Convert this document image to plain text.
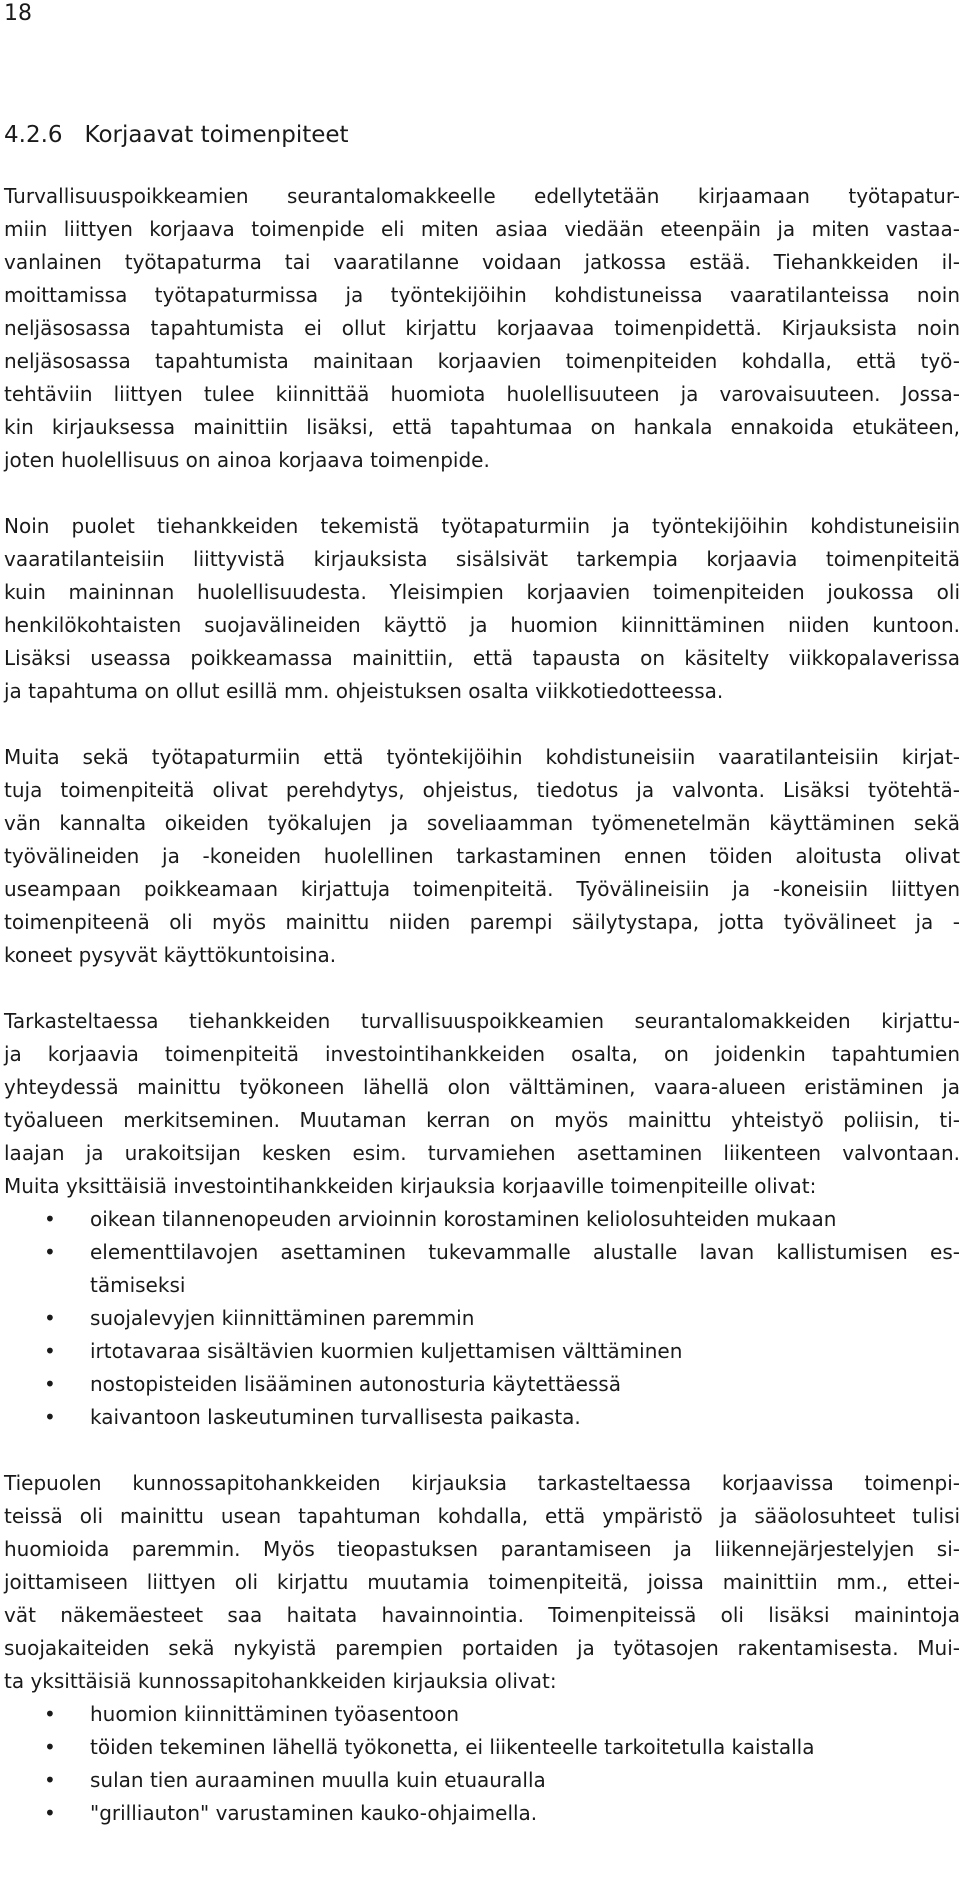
18
4.2.6 Korjaavat toimenpiteet

Turvallisuuspoikkeamien seurantalomakkeelle edellytetään kirjaamaan työtapatur-
miin liittyen korjaava toimenpide eli miten asiaa viedään eteenpäin ja miten vastaa-
vanlainen työtapaturma tai vaaratilanne voidaan jatkossa estää. Tiehankkeiden il-
moittamissa työtapaturmissa ja työntekijöihin kohdistuneissa vaaratilanteissa noin
neljäsosassa tapahtumista ei ollut kirjattu korjaavaa toimenpidettä. Kirjauksista noin
neljäsosassa tapahtumista mainitaan korjaavien toimenpiteiden kohdalla, että työ-
tehtäviin liittyen tulee kiinnittää huomiota huolellisuuteen ja varovaisuuteen. Jossa-
kin kirjauksessa mainittiin lisäksi, että tapahtumaa on hankala ennakoida etukäteen,
joten huolellisuus on ainoa korjaava toimenpide.

Noin puolet tiehankkeiden tekemistä työtapaturmiin ja työntekijöihin kohdistuneisiin
vaaratilanteisiin liittyvistä kirjauksista sisälsivät tarkempia korjaavia toimenpiteitä
kuin maininnan huolellisuudesta. Yleisimpien korjaavien toimenpiteiden joukossa oli
henkilökohtaisten suojavälineiden käyttö ja huomion kiinnittäminen niiden kuntoon.
Lisäksi useassa poikkeamassa mainittiin, että tapausta on käsitelty viikkopalaverissa
ja tapahtuma on ollut esillä mm. ohjeistuksen osalta viikkotiedotteessa.

Muita sekä työtapaturmiin että työntekijöihin kohdistuneisiin vaaratilanteisiin kirjat-
tuja toimenpiteitä olivat perehdytys, ohjeistus, tiedotus ja valvonta. Lisäksi työtehtä-
vän kannalta oikeiden työkalujen ja soveliaamman työmenetelmän käyttäminen sekä
työvälineiden ja -koneiden huolellinen tarkastaminen ennen töiden aloitusta olivat
useampaan poikkeamaan kirjattuja toimenpiteitä. Työvälineisiin ja -koneisiin liittyen
toimenpiteenä oli myös mainittu niiden parempi säilytystapa, jotta työvälineet ja -
koneet pysyvät käyttökuntoisina.

Tarkasteltaessa tiehankkeiden turvallisuuspoikkeamien seurantalomakkeiden kirjattu-
ja korjaavia toimenpiteitä investointihankkeiden osalta, on joidenkin tapahtumien
yhteydessä mainittu työkoneen lähellä olon välttäminen, vaara-alueen eristäminen ja
työalueen merkitseminen. Muutaman kerran on myös mainittu yhteistyö poliisin, ti-
laajan ja urakoitsijan kesken esim. turvamiehen asettaminen liikenteen valvontaan.
Muita yksittäisiä investointihankkeiden kirjauksia korjaaville toimenpiteille olivat:

• oikean tilannenopeuden arvioinnin korostaminen keliolosuhteiden mukaan
• elementtilavojen asettaminen tukevammalle alustalle lavan kallistumisen es-
tämiseksi
• suojalevyjen kiinnittäminen paremmin
• irtotavaraa sisältävien kuormien kuljettamisen välttäminen
• nostopisteiden lisääminen autonosturia käytettäessä
• kaivantoon laskeutuminen turvallisesta paikasta.

Tiepuolen kunnossapitohankkeiden kirjauksia tarkasteltaessa korjaavissa toimenpi-
teissä oli mainittu usean tapahtuman kohdalla, että ympäristö ja sääolosuhteet tulisi
huomioida paremmin. Myös tieopastuksen parantamiseen ja liikennejärjestelyjen si-
joittamiseen liittyen oli kirjattu muutamia toimenpiteitä, joissa mainittiin mm., ettei-
vät näkemäesteet saa haitata havainnointia. Toimenpiteissä oli lisäksi mainintoja
suojakaiteiden sekä nykyistä parempien portaiden ja työtasojen rakentamisesta. Mui-
ta yksittäisiä kunnossapitohankkeiden kirjauksia olivat:

• huomion kiinnittäminen työasentoon
• töiden tekeminen lähellä työkonetta, ei liikenteelle tarkoitetulla kaistalla
• sulan tien auraaminen muulla kuin etuauralla
• "grilliauton" varustaminen kauko-ohjaimella.
